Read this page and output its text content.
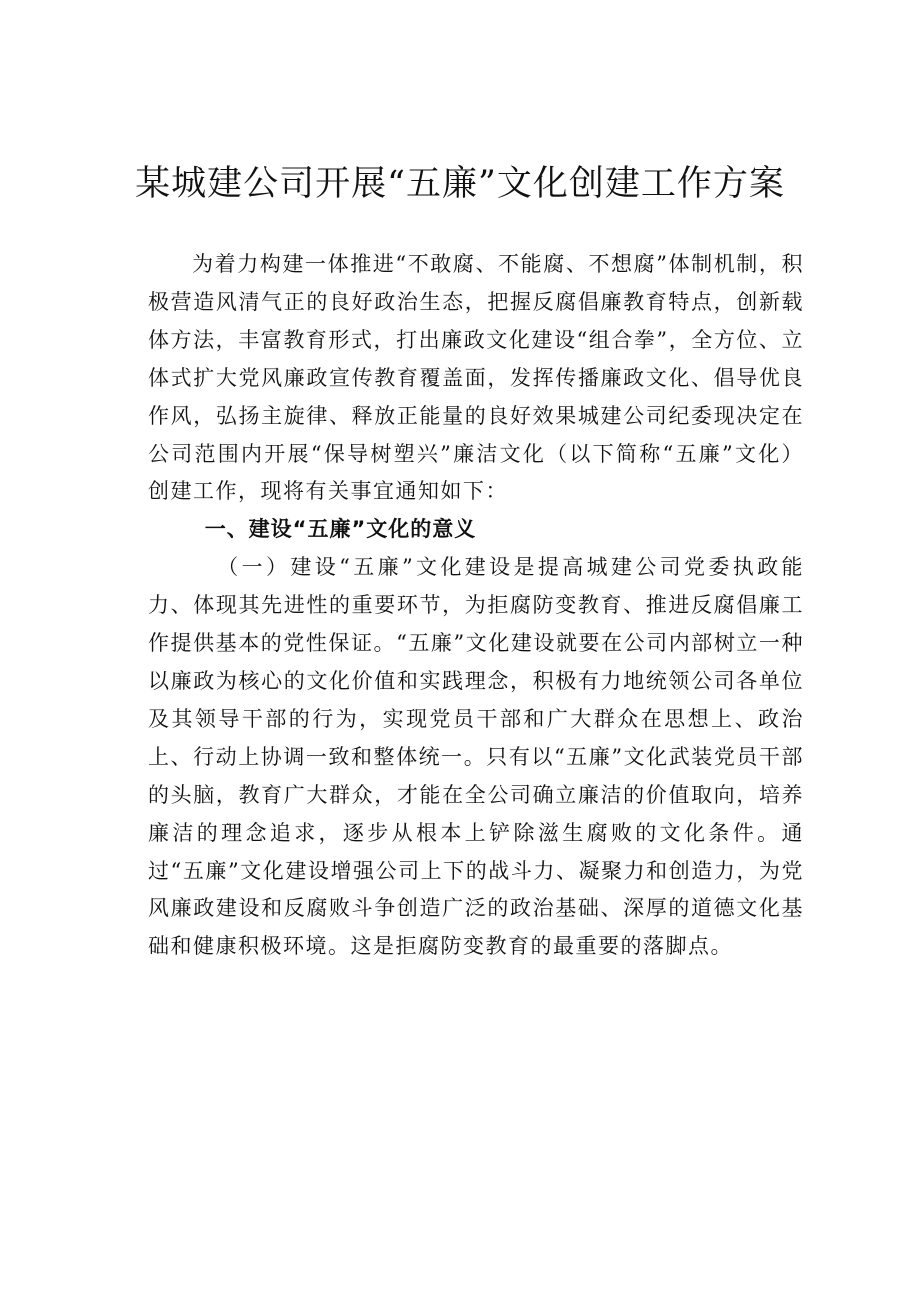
某城建公司开展“五廉”文化创建工作方案

为着力构建一体推进“不敢腐、不能腐、不想腐”体制机制，积极营造风清气正的良好政治生态，把握反腐倡廉教育特点，创新载体方法，丰富教育形式，打出廉政文化建设“组合拳”，全方位、立体式扩大党风廉政宣传教育覆盖面，发挥传播廉政文化、倡导优良作风，弘扬主旋律、释放正能量的良好效果城建公司纪委现决定在公司范围内开展“保导树塑兴”廉洁文化（以下简称“五廉”文化）创建工作，现将有关事宜通知如下：

一、建设“五廉”文化的意义

（一）建设“五廉”文化建设是提高城建公司党委执政能力、体现其先进性的重要环节，为拒腐防变教育、推进反腐倡廉工作提供基本的党性保证。“五廉”文化建设就要在公司内部树立一种以廉政为核心的文化价值和实践理念，积极有力地统领公司各单位及其领导干部的行为，实现党员干部和广大群众在思想上、政治上、行动上协调一致和整体统一。只有以“五廉”文化武装党员干部的头脑，教育广大群众，才能在全公司确立廉洁的价值取向，培养廉洁的理念追求，逐步从根本上铲除滋生腐败的文化条件。通过“五廉”文化建设增强公司上下的战斗力、凝聚力和创造力，为党风廉政建设和反腐败斗争创造广泛的政治基础、深厚的道德文化基础和健康积极环境。这是拒腐防变教育的最重要的落脚点。
